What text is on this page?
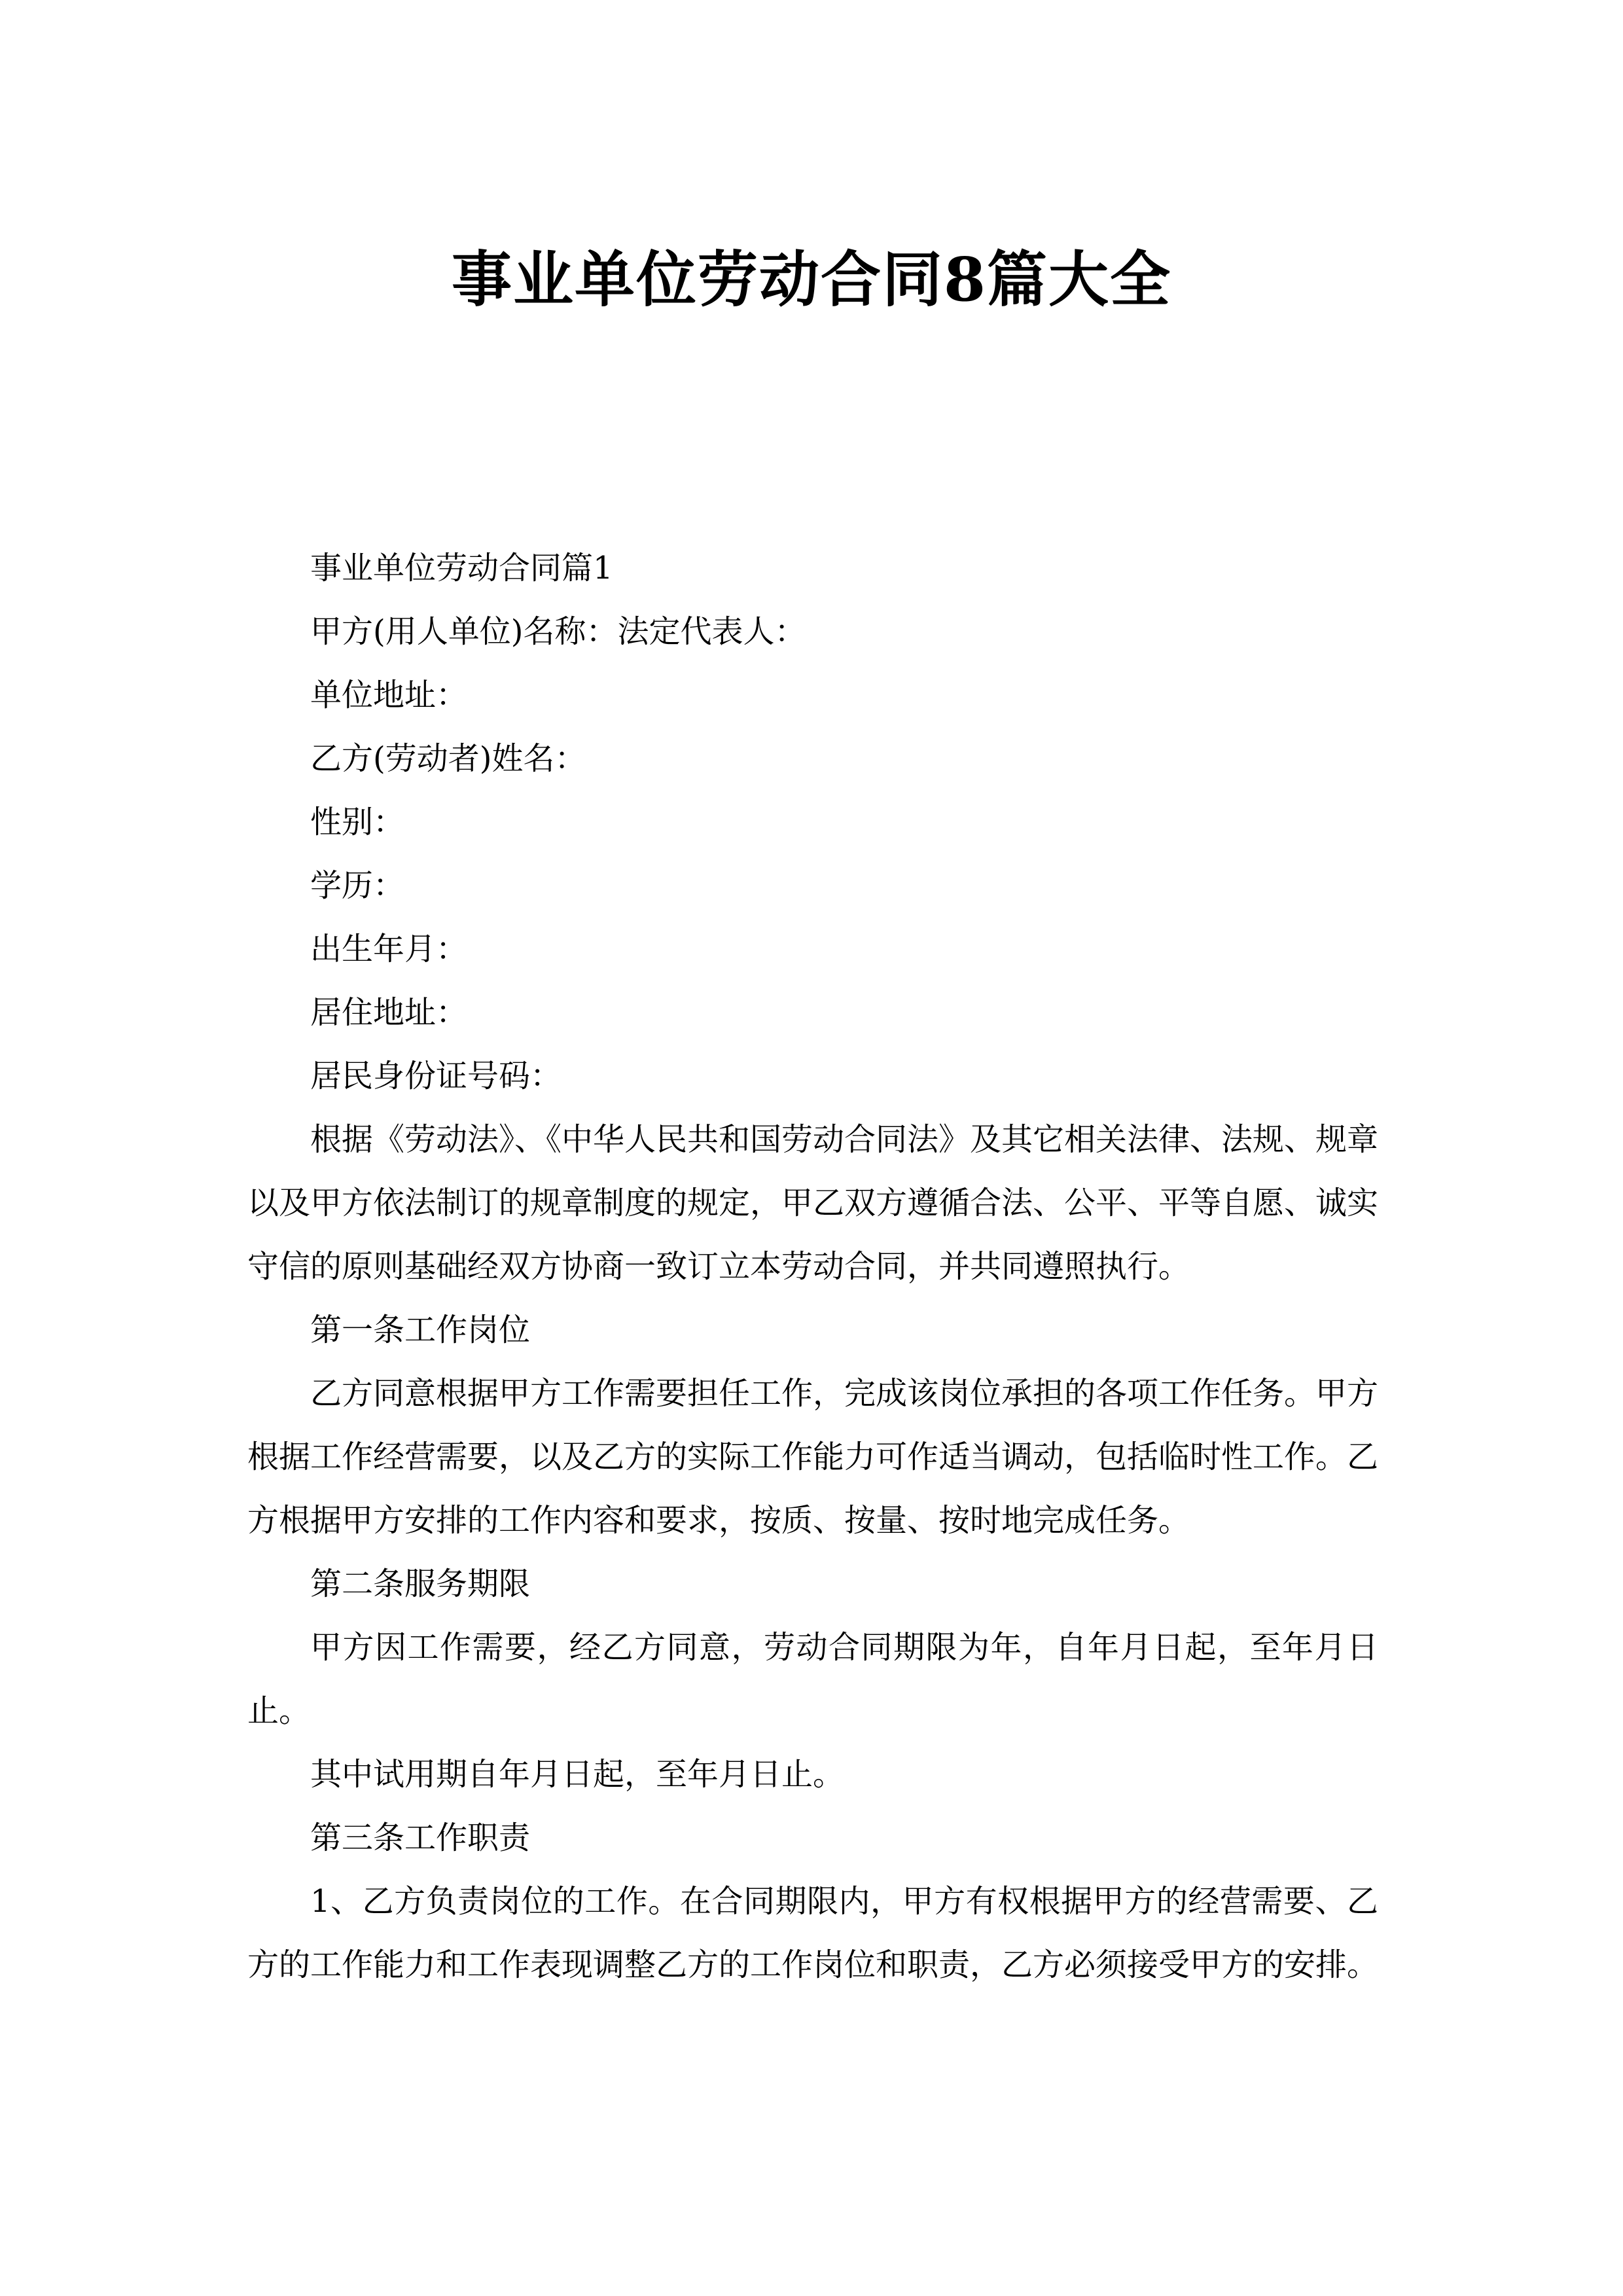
事业单位劳动合同8篇大全

事业单位劳动合同篇1

甲方(用人单位)名称：法定代表人：

单位地址：

乙方(劳动者)姓名：

性别：

学历：

出生年月：

居住地址：

居民身份证号码：

根据《劳动法》、《中华人民共和国劳动合同法》及其它相关法律、法规、规章以及甲方依法制订的规章制度的规定，甲乙双方遵循合法、公平、平等自愿、诚实守信的原则基础经双方协商一致订立本劳动合同，并共同遵照执行。

第一条工作岗位

乙方同意根据甲方工作需要担任工作，完成该岗位承担的各项工作任务。甲方根据工作经营需要，以及乙方的实际工作能力可作适当调动，包括临时性工作。乙方根据甲方安排的工作内容和要求，按质、按量、按时地完成任务。

第二条服务期限

甲方因工作需要，经乙方同意，劳动合同期限为年，自年月日起，至年月日止。

其中试用期自年月日起，至年月日止。

第三条工作职责

1、乙方负责岗位的工作。在合同期限内，甲方有权根据甲方的经营需要、乙方的工作能力和工作表现调整乙方的工作岗位和职责，乙方必须接受甲方的安排。
